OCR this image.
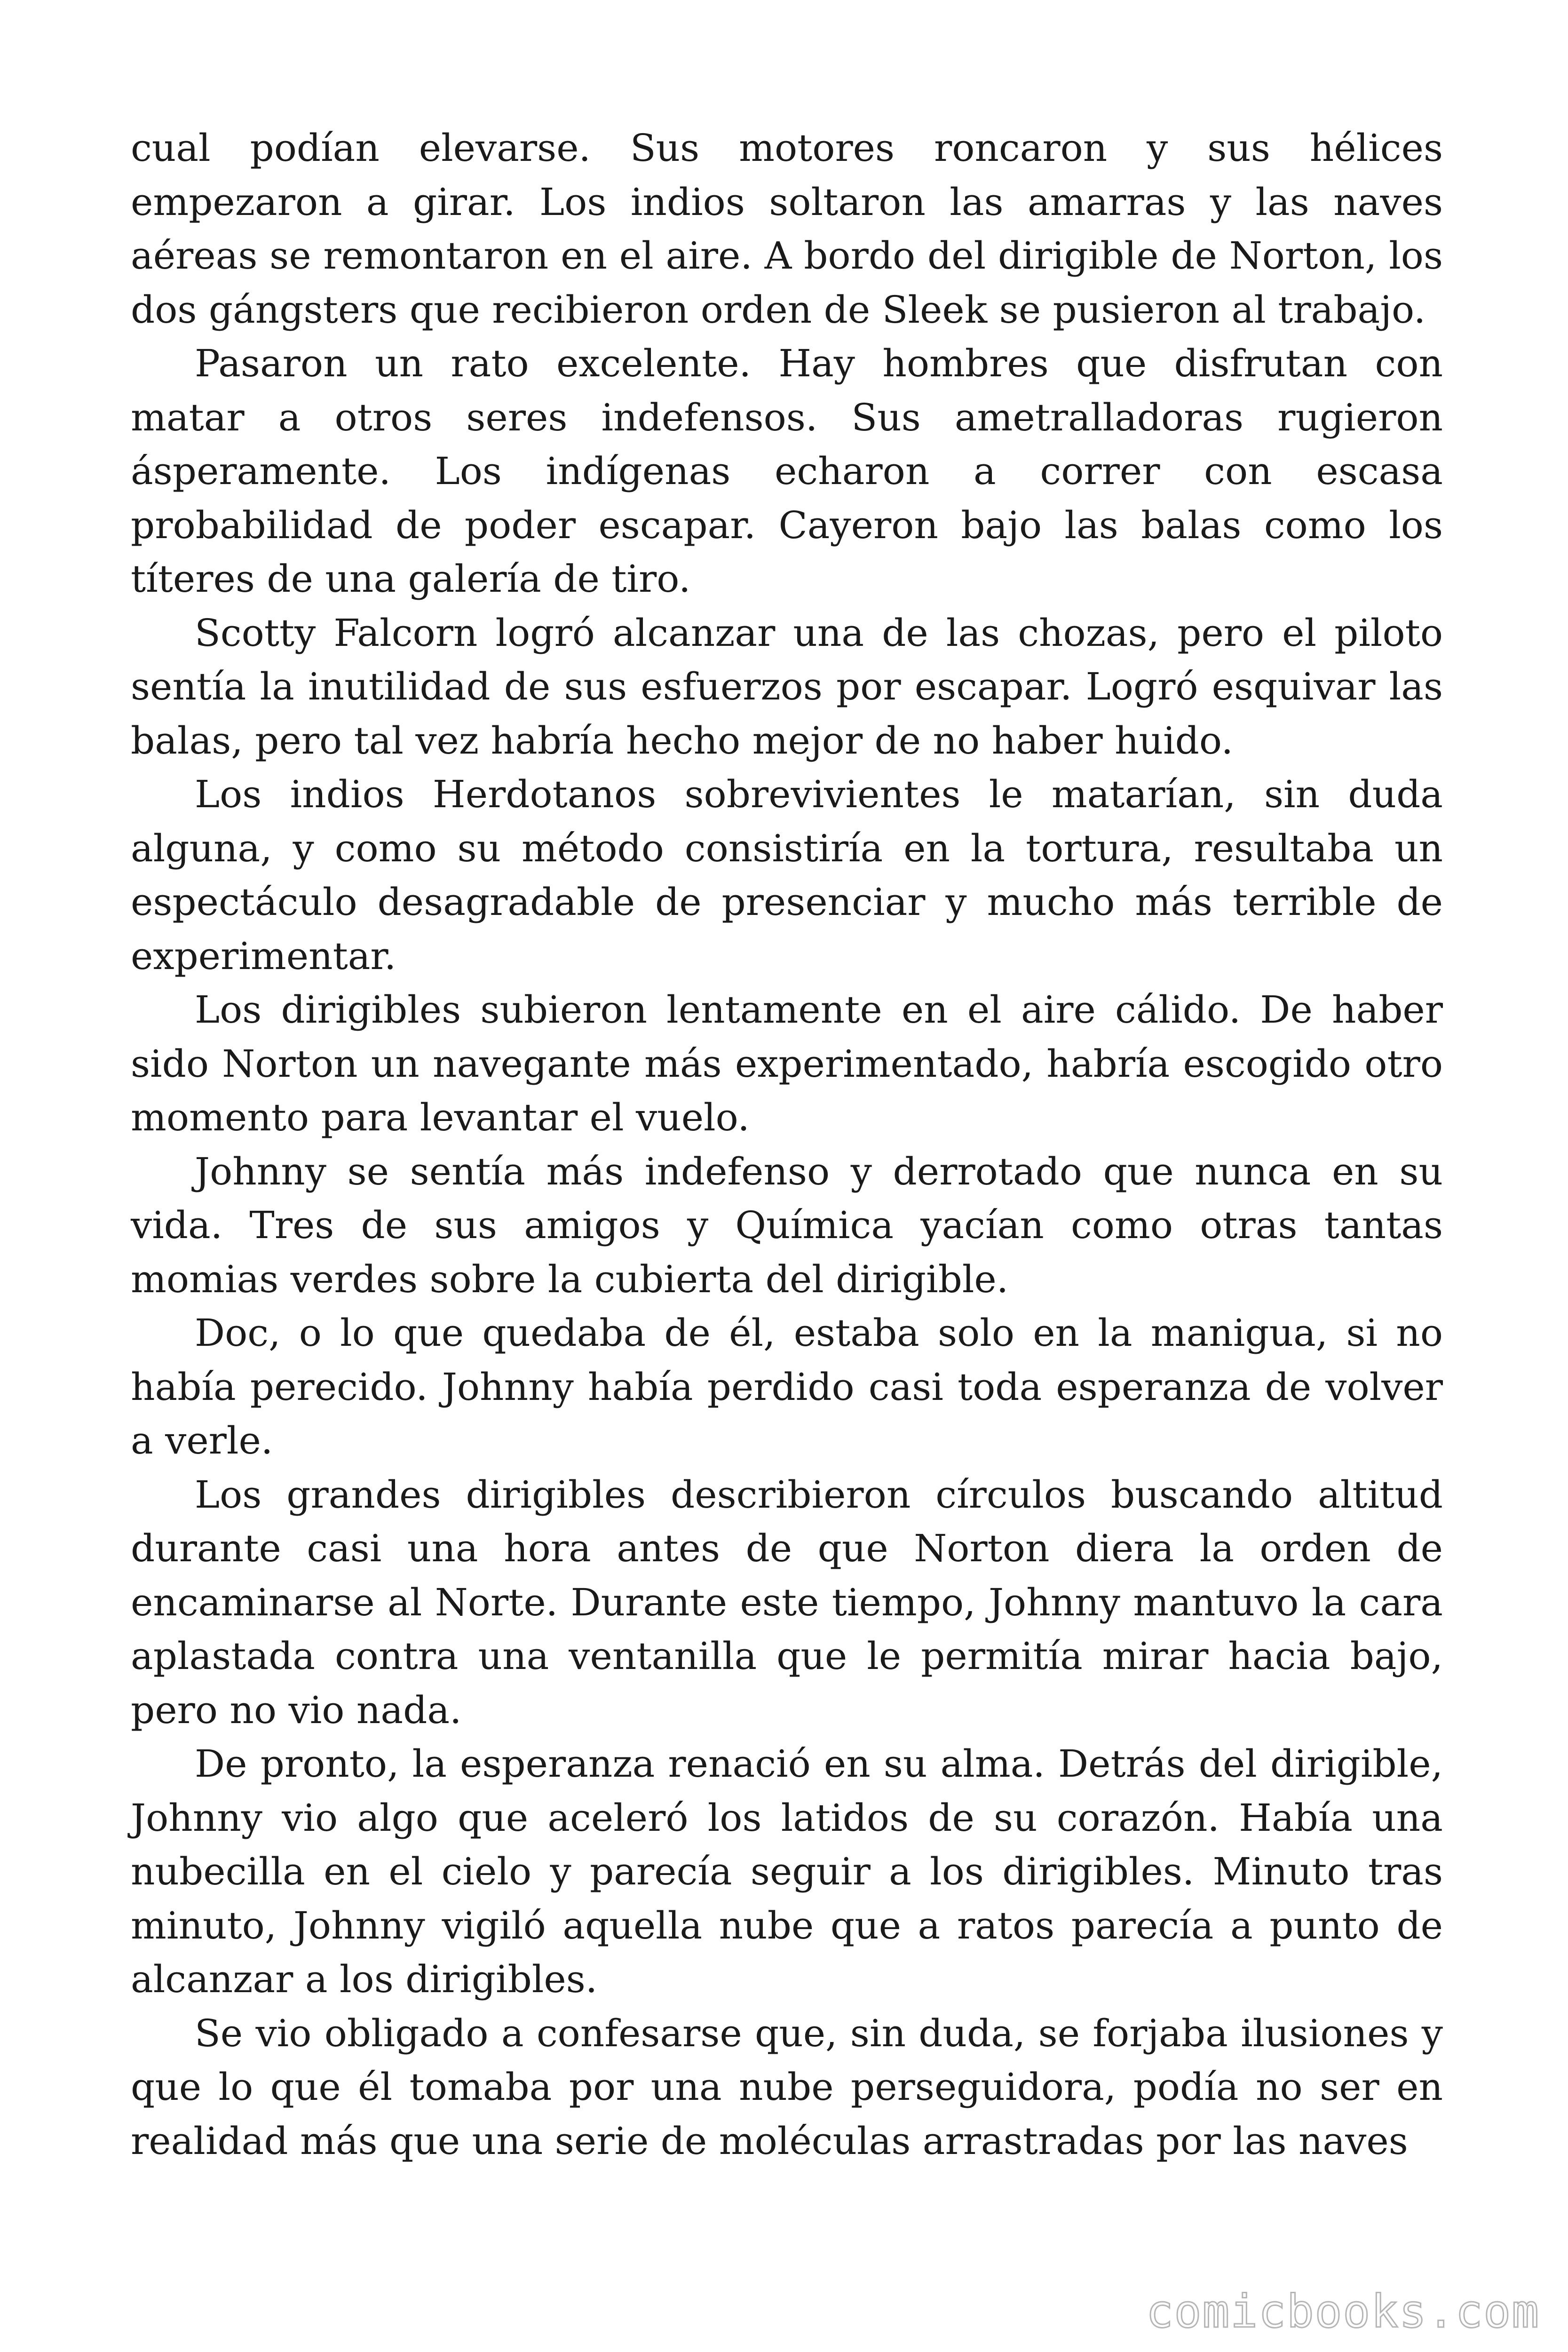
cual podían elevarse. Sus motores roncaron y sus hélices empezaron a girar. Los indios soltaron las amarras y las naves aéreas se remontaron en el aire. A bordo del dirigible de Norton, los dos gángsters que recibieron orden de Sleek se pusieron al trabajo.

Pasaron un rato excelente. Hay hombres que disfrutan con matar a otros seres indefensos. Sus ametralladoras rugieron ásperamente. Los indígenas echaron a correr con escasa probabilidad de poder escapar. Cayeron bajo las balas como los títeres de una galería de tiro.

Scotty Falcorn logró alcanzar una de las chozas, pero el piloto sentía la inutilidad de sus esfuerzos por escapar. Logró esquivar las balas, pero tal vez habría hecho mejor de no haber huido.

Los indios Herdotanos sobrevivientes le matarían, sin duda alguna, y como su método consistiría en la tortura, resultaba un espectáculo desagradable de presenciar y mucho más terrible de experimentar.

Los dirigibles subieron lentamente en el aire cálido. De haber sido Norton un navegante más experimentado, habría escogido otro momento para levantar el vuelo.

Johnny se sentía más indefenso y derrotado que nunca en su vida. Tres de sus amigos y Química yacían como otras tantas momias verdes sobre la cubierta del dirigible.

Doc, o lo que quedaba de él, estaba solo en la manigua, si no había perecido. Johnny había perdido casi toda esperanza de volver a verle.

Los grandes dirigibles describieron círculos buscando altitud durante casi una hora antes de que Norton diera la orden de encaminarse al Norte. Durante este tiempo, Johnny mantuvo la cara aplastada contra una ventanilla que le permitía mirar hacia bajo, pero no vio nada.

De pronto, la esperanza renació en su alma. Detrás del dirigible, Johnny vio algo que aceleró los latidos de su corazón. Había una nubecilla en el cielo y parecía seguir a los dirigibles. Minuto tras minuto, Johnny vigiló aquella nube que a ratos parecía a punto de alcanzar a los dirigibles.

Se vio obligado a confesarse que, sin duda, se forjaba ilusiones y que lo que él tomaba por una nube perseguidora, podía no ser en realidad más que una serie de moléculas arrastradas por las naves

comicbooks.com
